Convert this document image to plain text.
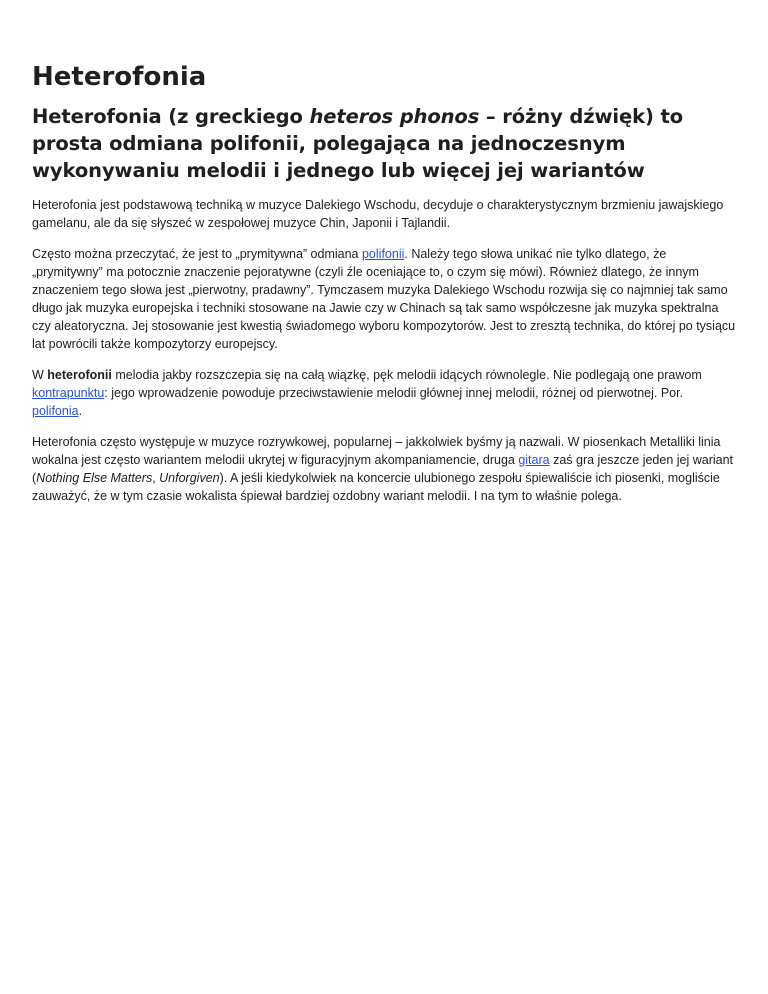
Heterofonia
Heterofonia (z greckiego heteros phonos – różny dźwięk) to prosta odmiana polifonii, polegająca na jednoczesnym wykonywaniu melodii i jednego lub więcej jej wariantów

Heterofonia jest podstawową techniką w muzyce Dalekiego Wschodu, decyduje o charakterystycznym brzmieniu jawajskiego gamelanu, ale da się słyszeć w zespołowej muzyce Chin, Japonii i Tajlandii.

Często można przeczytać, że jest to „prymitywna” odmiana polifonii. Należy tego słowa unikać nie tylko dlatego, że „prymitywny” ma potocznie znaczenie pejoratywne (czyli źle oceniające to, o czym się mówi). Również dlatego, że innym znaczeniem tego słowa jest „pierwotny, pradawny”. Tymczasem muzyka Dalekiego Wschodu rozwija się co najmniej tak samo długo jak muzyka europejska i techniki stosowane na Jawie czy w Chinach są tak samo współczesne jak muzyka spektralna czy aleatoryczna. Jej stosowanie jest kwestią świadomego wyboru kompozytorów. Jest to zresztą technika, do której po tysiącu lat powrócili także kompozytorzy europejscy.

W heterofonii melodia jakby rozszczepia się na całą wiązkę, pęk melodii idących równolegle. Nie podlegają one prawom kontrapunktu: jego wprowadzenie powoduje przeciwstawienie melodii głównej innej melodii, różnej od pierwotnej. Por. polifonia.

Heterofonia często występuje w muzyce rozrywkowej, popularnej – jakkolwiek byśmy ją nazwali. W piosenkach Metalliki linia wokalna jest często wariantem melodii ukrytej w figuracyjnym akompaniamencie, druga gitara zaś gra jeszcze jeden jej wariant (Nothing Else Matters, Unforgiven). A jeśli kiedykolwiek na koncercie ulubionego zespołu śpiewaliście ich piosenki, mogliście zauważyć, że w tym czasie wokalista śpiewał bardziej ozdobny wariant melodii. I na tym to właśnie polega.
